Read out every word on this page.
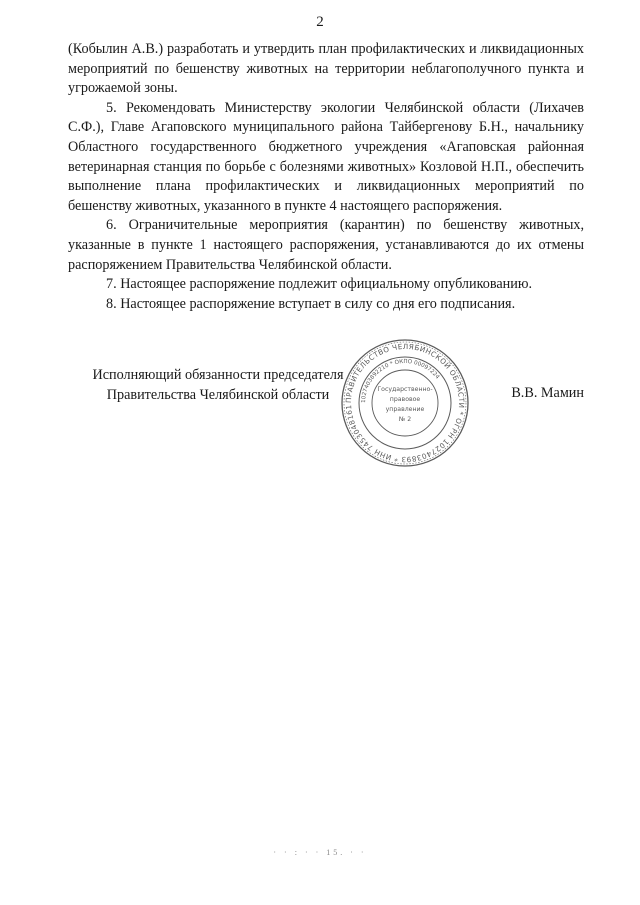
2

(Кобылин А.В.) разработать и утвердить план профилактических и ликвидационных мероприятий по бешенству животных на территории неблагополучного пункта и угрожаемой зоны.

5. Рекомендовать Министерству экологии Челябинской области (Лихачев С.Ф.), Главе Агаповского муниципального района Тайбергенову Б.Н., начальнику Областного государственного бюджетного учреждения «Агаповская районная ветеринарная станция по борьбе с болезнями животных» Козловой Н.П., обеспечить выполнение плана профилактических и ликвидационных мероприятий по бешенству животных, указанного в пункте 4 настоящего распоряжения.

6. Ограничительные мероприятия (карантин) по бешенству животных, указанные в пункте 1 настоящего распоряжения, устанавливаются до их отмены распоряжением Правительства Челябинской области.

7. Настоящее распоряжение подлежит официальному опубликованию.

8. Настоящее распоряжение вступает в силу со дня его подписания.

Исполняющий обязанности председателя
Правительства Челябинской области	В.В. Мамин
ПРАВИТЕЛЬСТВО ЧЕЛЯБИНСКОЙ ОБЛАСТИ * ОГРН 1027403893 * ИНН 7453048161
1027403892210 * ОКПО 00097224
Государственно-
правовое
управление
№ 2
· · : · · 15. · ·
